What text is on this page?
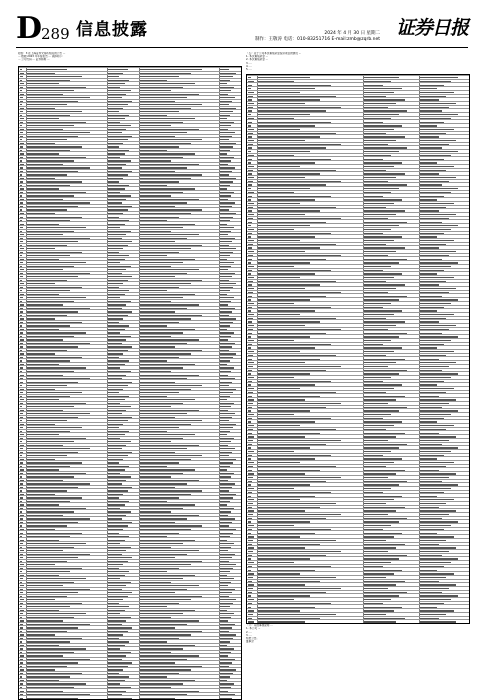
D
289 信息披露	2024 年 4 月 30 日 星期二
制作：王敬涛 电话：010-83251716 E-mail:zmb@zqrb.net
证券日报
附表：3 在上海证券交易所相关的公告 ...
... 根据 2023 年年度报告 ... 具体如下：
... 公司代码 ... 证券简称 ...
（五）关于公司本次募集资金投资项目的情况 ...
1. 本次募集资金 ...
2. 本次募集资金 ...
3. ...
4. ...
5. ...
（六）其他事项说明 ...
1. 本公司 ...
2. ...
3. ...
特此公告。
董事会
